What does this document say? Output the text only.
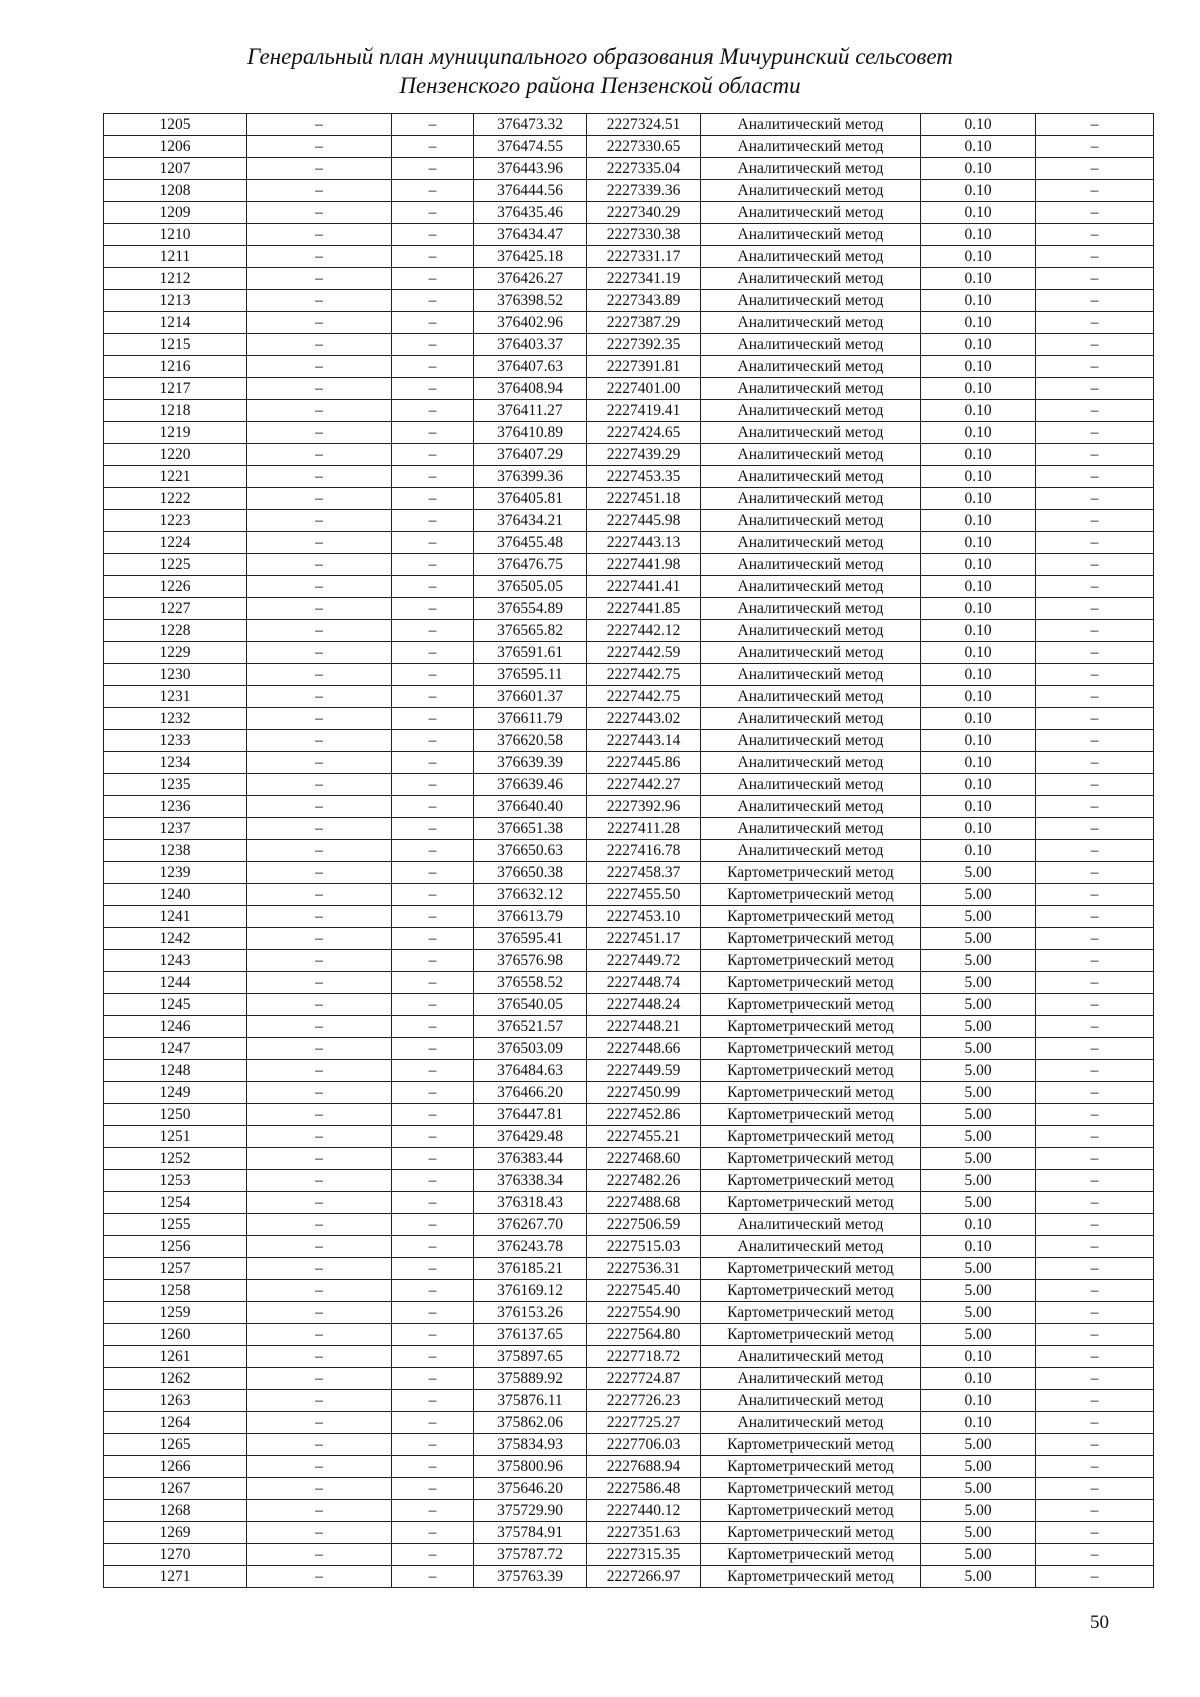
Генеральный план муниципального образования Мичуринский сельсовет
Пензенского района Пензенской области
1205	–	–	376473.32	2227324.51	Аналитический метод	0.10	–
1206	–	–	376474.55	2227330.65	Аналитический метод	0.10	–
1207	–	–	376443.96	2227335.04	Аналитический метод	0.10	–
1208	–	–	376444.56	2227339.36	Аналитический метод	0.10	–
1209	–	–	376435.46	2227340.29	Аналитический метод	0.10	–
1210	–	–	376434.47	2227330.38	Аналитический метод	0.10	–
1211	–	–	376425.18	2227331.17	Аналитический метод	0.10	–
1212	–	–	376426.27	2227341.19	Аналитический метод	0.10	–
1213	–	–	376398.52	2227343.89	Аналитический метод	0.10	–
1214	–	–	376402.96	2227387.29	Аналитический метод	0.10	–
1215	–	–	376403.37	2227392.35	Аналитический метод	0.10	–
1216	–	–	376407.63	2227391.81	Аналитический метод	0.10	–
1217	–	–	376408.94	2227401.00	Аналитический метод	0.10	–
1218	–	–	376411.27	2227419.41	Аналитический метод	0.10	–
1219	–	–	376410.89	2227424.65	Аналитический метод	0.10	–
1220	–	–	376407.29	2227439.29	Аналитический метод	0.10	–
1221	–	–	376399.36	2227453.35	Аналитический метод	0.10	–
1222	–	–	376405.81	2227451.18	Аналитический метод	0.10	–
1223	–	–	376434.21	2227445.98	Аналитический метод	0.10	–
1224	–	–	376455.48	2227443.13	Аналитический метод	0.10	–
1225	–	–	376476.75	2227441.98	Аналитический метод	0.10	–
1226	–	–	376505.05	2227441.41	Аналитический метод	0.10	–
1227	–	–	376554.89	2227441.85	Аналитический метод	0.10	–
1228	–	–	376565.82	2227442.12	Аналитический метод	0.10	–
1229	–	–	376591.61	2227442.59	Аналитический метод	0.10	–
1230	–	–	376595.11	2227442.75	Аналитический метод	0.10	–
1231	–	–	376601.37	2227442.75	Аналитический метод	0.10	–
1232	–	–	376611.79	2227443.02	Аналитический метод	0.10	–
1233	–	–	376620.58	2227443.14	Аналитический метод	0.10	–
1234	–	–	376639.39	2227445.86	Аналитический метод	0.10	–
1235	–	–	376639.46	2227442.27	Аналитический метод	0.10	–
1236	–	–	376640.40	2227392.96	Аналитический метод	0.10	–
1237	–	–	376651.38	2227411.28	Аналитический метод	0.10	–
1238	–	–	376650.63	2227416.78	Аналитический метод	0.10	–
1239	–	–	376650.38	2227458.37	Картометрический метод	5.00	–
1240	–	–	376632.12	2227455.50	Картометрический метод	5.00	–
1241	–	–	376613.79	2227453.10	Картометрический метод	5.00	–
1242	–	–	376595.41	2227451.17	Картометрический метод	5.00	–
1243	–	–	376576.98	2227449.72	Картометрический метод	5.00	–
1244	–	–	376558.52	2227448.74	Картометрический метод	5.00	–
1245	–	–	376540.05	2227448.24	Картометрический метод	5.00	–
1246	–	–	376521.57	2227448.21	Картометрический метод	5.00	–
1247	–	–	376503.09	2227448.66	Картометрический метод	5.00	–
1248	–	–	376484.63	2227449.59	Картометрический метод	5.00	–
1249	–	–	376466.20	2227450.99	Картометрический метод	5.00	–
1250	–	–	376447.81	2227452.86	Картометрический метод	5.00	–
1251	–	–	376429.48	2227455.21	Картометрический метод	5.00	–
1252	–	–	376383.44	2227468.60	Картометрический метод	5.00	–
1253	–	–	376338.34	2227482.26	Картометрический метод	5.00	–
1254	–	–	376318.43	2227488.68	Картометрический метод	5.00	–
1255	–	–	376267.70	2227506.59	Аналитический метод	0.10	–
1256	–	–	376243.78	2227515.03	Аналитический метод	0.10	–
1257	–	–	376185.21	2227536.31	Картометрический метод	5.00	–
1258	–	–	376169.12	2227545.40	Картометрический метод	5.00	–
1259	–	–	376153.26	2227554.90	Картометрический метод	5.00	–
1260	–	–	376137.65	2227564.80	Картометрический метод	5.00	–
1261	–	–	375897.65	2227718.72	Аналитический метод	0.10	–
1262	–	–	375889.92	2227724.87	Аналитический метод	0.10	–
1263	–	–	375876.11	2227726.23	Аналитический метод	0.10	–
1264	–	–	375862.06	2227725.27	Аналитический метод	0.10	–
1265	–	–	375834.93	2227706.03	Картометрический метод	5.00	–
1266	–	–	375800.96	2227688.94	Картометрический метод	5.00	–
1267	–	–	375646.20	2227586.48	Картометрический метод	5.00	–
1268	–	–	375729.90	2227440.12	Картометрический метод	5.00	–
1269	–	–	375784.91	2227351.63	Картометрический метод	5.00	–
1270	–	–	375787.72	2227315.35	Картометрический метод	5.00	–
1271	–	–	375763.39	2227266.97	Картометрический метод	5.00	–
50
